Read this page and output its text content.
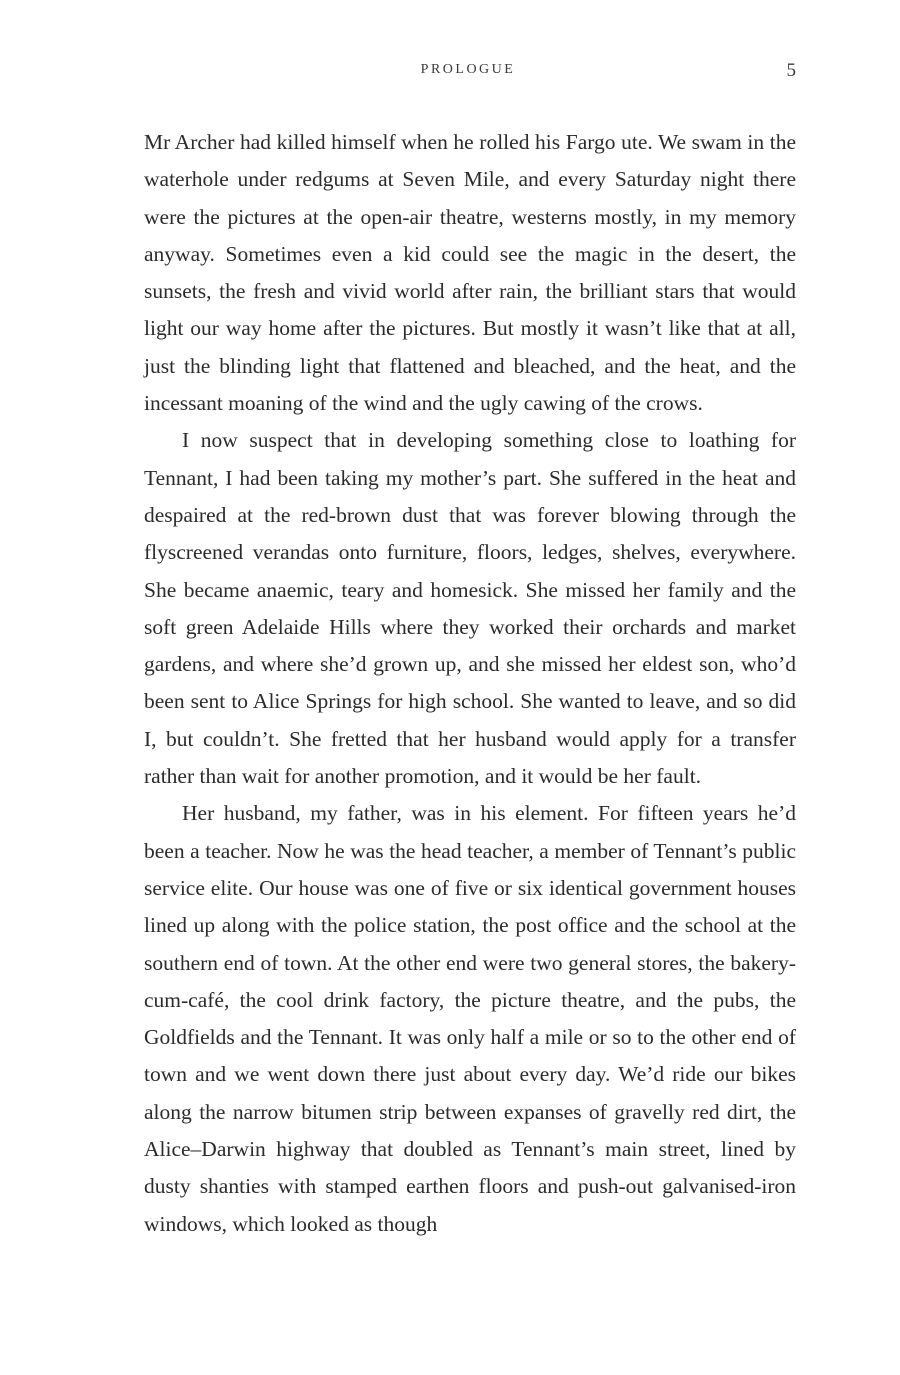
PROLOGUE	5

Mr Archer had killed himself when he rolled his Fargo ute. We swam in the waterhole under redgums at Seven Mile, and every Saturday night there were the pictures at the open-air theatre, westerns mostly, in my memory anyway. Sometimes even a kid could see the magic in the desert, the sunsets, the fresh and vivid world after rain, the brilliant stars that would light our way home after the pictures. But mostly it wasn’t like that at all, just the blinding light that flattened and bleached, and the heat, and the incessant moaning of the wind and the ugly cawing of the crows.

I now suspect that in developing something close to loathing for Tennant, I had been taking my mother’s part. She suffered in the heat and despaired at the red-brown dust that was forever blowing through the flyscreened verandas onto furniture, floors, ledges, shelves, everywhere. She became anaemic, teary and homesick. She missed her family and the soft green Adelaide Hills where they worked their orchards and market gardens, and where she’d grown up, and she missed her eldest son, who’d been sent to Alice Springs for high school. She wanted to leave, and so did I, but couldn’t. She fretted that her husband would apply for a transfer rather than wait for another promotion, and it would be her fault.

Her husband, my father, was in his element. For fifteen years he’d been a teacher. Now he was the head teacher, a member of Tennant’s public service elite. Our house was one of five or six identical government houses lined up along with the police station, the post office and the school at the southern end of town. At the other end were two general stores, the bakery-cum-café, the cool drink factory, the picture theatre, and the pubs, the Goldfields and the Tennant. It was only half a mile or so to the other end of town and we went down there just about every day. We’d ride our bikes along the narrow bitumen strip between expanses of gravelly red dirt, the Alice–Darwin highway that doubled as Tennant’s main street, lined by dusty shanties with stamped earthen floors and push-out galvanised-iron windows, which looked as though
